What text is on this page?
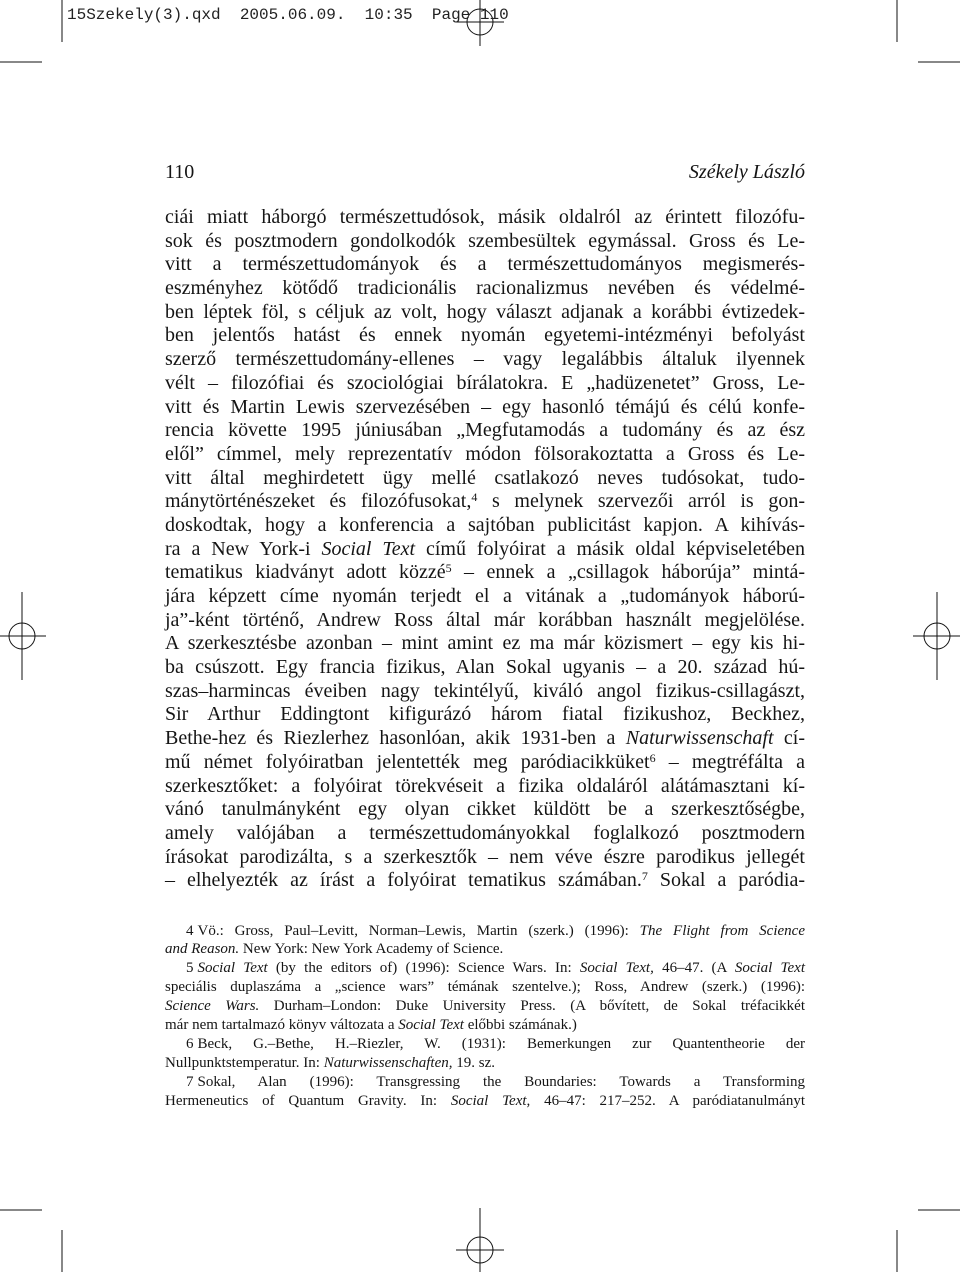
15Szekely(3).qxd  2005.06.09.  10:35  Page 110
110	Székely László
ciái miatt háborgó természettudósok, másik oldalról az érintett filozófu-
sok és posztmodern gondolkodók szembesültek egymással. Gross és Le-
vitt a természettudományok és a természettudományos megismerés-
eszményhez kötődő tradicionális racionalizmus nevében és védelmé-
ben léptek föl, s céljuk az volt, hogy választ adjanak a korábbi évtizedek-
ben jelentős hatást és ennek nyomán egyetemi-intézményi befolyást
szerző természettudomány-ellenes – vagy legalábbis általuk ilyennek
vélt – filozófiai és szociológiai bírálatokra. E „hadüzenetet” Gross, Le-
vitt és Martin Lewis szervezésében – egy hasonló témájú és célú konfe-
rencia követte 1995 júniusában „Megfutamodás a tudomány és az ész
elől” címmel, mely reprezentatív módon fölsorakoztatta a Gross és Le-
vitt által meghirdetett ügy mellé csatlakozó neves tudósokat, tudo-
mánytörténészeket és filozófusokat,$^4$ s melynek szervezői arról is gon-
doskodtak, hogy a konferencia a sajtóban publicitást kapjon. A kihívás-
ra a New York-i Social Text című folyóirat a másik oldal képviseletében
tematikus kiadványt adott közzé$^5$ – ennek a „csillagok háborúja” mintá-
jára képzett címe nyomán terjedt el a vitának a „tudományok háború-
ja”-ként történő, Andrew Ross által már korábban használt megjelölése.
A szerkesztésbe azonban – mint amint ez ma már közismert – egy kis hi-
ba csúszott. Egy francia fizikus, Alan Sokal ugyanis – a 20. század hú-
szas–harmincas éveiben nagy tekintélyű, kiváló angol fizikus-csillagászt,
Sir Arthur Eddingtont kifigurázó három fiatal fizikushoz, Beckhez,
Bethe-hez és Riezlerhez hasonlóan, akik 1931-ben a Naturwissenschaft cí-
mű német folyóiratban jelentették meg paródiacikküket$^6$ – megtréfálta a
szerkesztőket: a folyóirat törekvéseit a fizika oldaláról alátámasztani kí-
vánó tanulmányként egy olyan cikket küldött be a szerkesztőségbe,
amely valójában a természettudományokkal foglalkozó posztmodern
írásokat parodizálta, s a szerkesztők – nem véve észre parodikus jellegét
– elhelyezték az írást a folyóirat tematikus számában.$^7$ Sokal a paródia-
4 Vö.: Gross, Paul–Levitt, Norman–Lewis, Martin (szerk.) (1996): The Flight from Science
and Reason. New York: New York Academy of Science.
5 Social Text (by the editors of) (1996): Science Wars. In: Social Text, 46–47. (A Social Text
speciális duplaszáma a „science wars” témának szentelve.); Ross, Andrew (szerk.) (1996):
Science Wars. Durham–London: Duke University Press. (A bővített, de Sokal tréfacikkét
már nem tartalmazó könyv változata a Social Text előbbi számának.)
6 Beck, G.–Bethe, H.–Riezler, W. (1931): Bemerkungen zur Quantentheorie der
Nullpunktstemperatur. In: Naturwissenschaften, 19. sz.
7 Sokal, Alan (1996): Transgressing the Boundaries: Towards a Transforming
Hermeneutics of Quantum Gravity. In: Social Text, 46–47: 217–252. A paródiatanulmányt
